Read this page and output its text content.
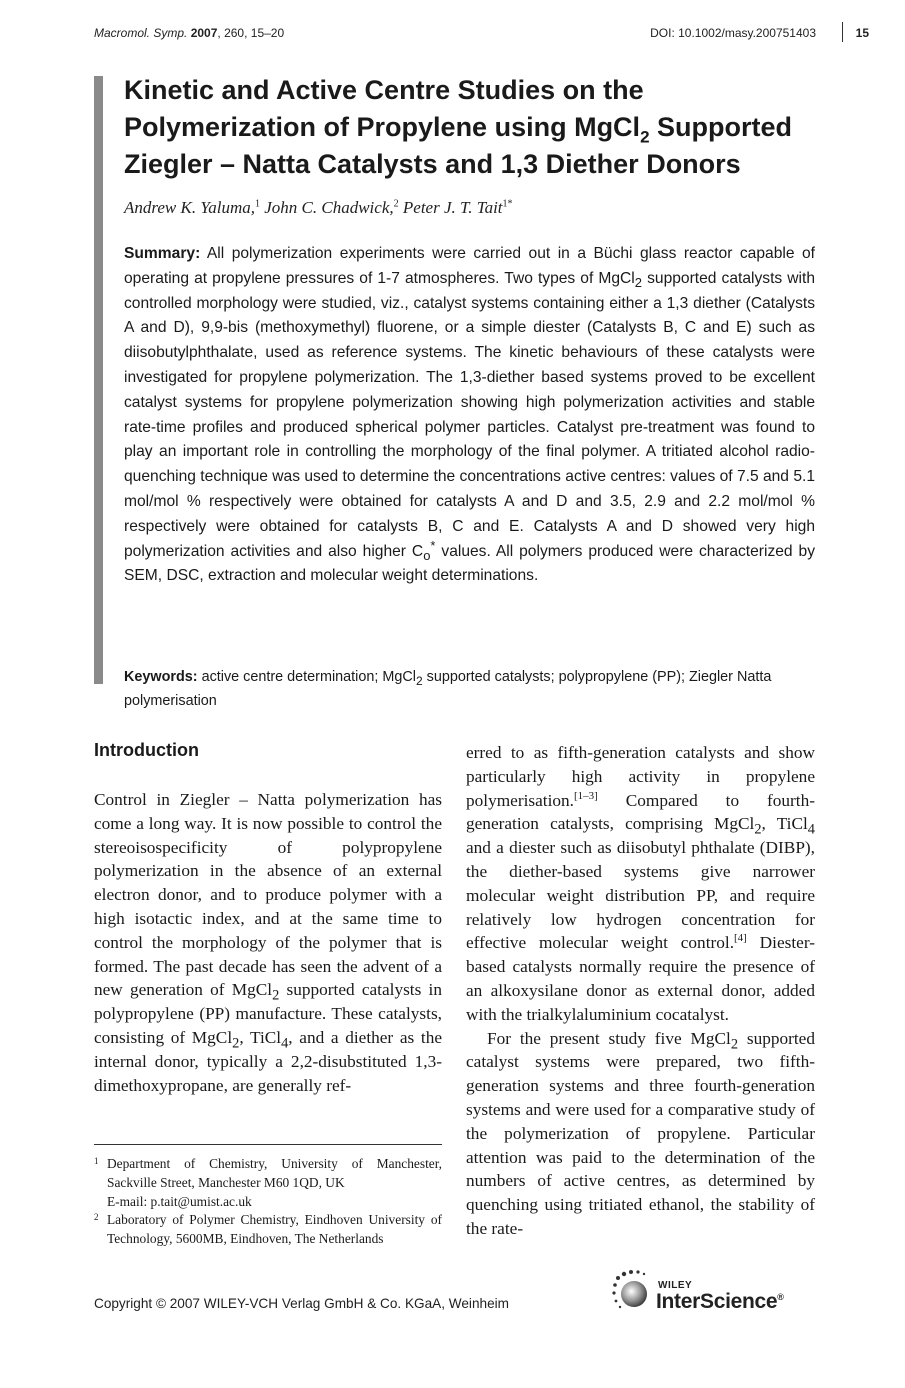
Macromol. Symp. 2007, 260, 15–20	DOI: 10.1002/masy.200751403	15
Kinetic and Active Centre Studies on the
Polymerization of Propylene using MgCl$_2$ Supported
Ziegler – Natta Catalysts and 1,3 Diether Donors
Andrew K. Yaluma,$^1$ John C. Chadwick,$^2$ Peter J. T. Tait$^{1*}$

Summary: All polymerization experiments were carried out in a Büchi glass reactor capable of operating at propylene pressures of 1-7 atmospheres. Two types of MgCl$_2$ supported catalysts with controlled morphology were studied, viz., catalyst systems containing either a 1,3 diether (Catalysts A and D), 9,9-bis (methoxymethyl) fluorene, or a simple diester (Catalysts B, C and E) such as diisobutylphthalate, used as reference systems. The kinetic behaviours of these catalysts were investigated for propylene polymerization. The 1,3-diether based systems proved to be excellent catalyst systems for propylene polymerization showing high polymerization activities and stable rate-time profiles and produced spherical polymer particles. Catalyst pre-treatment was found to play an important role in controlling the morphology of the final polymer. A tritiated alcohol radio-quenching technique was used to determine the concentrations active centres: values of 7.5 and 5.1 mol/mol % respectively were obtained for catalysts A and D and 3.5, 2.9 and 2.2 mol/mol % respectively were obtained for catalysts B, C and E. Catalysts A and D showed very high polymerization activities and also higher $C_o^*$ values. All polymers produced were characterized by SEM, DSC, extraction and molecular weight determinations.

Keywords: active centre determination; MgCl$_2$ supported catalysts; polypropylene (PP); Ziegler Natta polymerisation

Introduction

Control in Ziegler – Natta polymerization has come a long way. It is now possible to control the stereoisospecificity of polypropylene polymerization in the absence of an external electron donor, and to produce polymer with a high isotactic index, and at the same time to control the morphology of the polymer that is formed. The past decade has seen the advent of a new generation of MgCl$_2$ supported catalysts in polypropylene (PP) manufacture. These catalysts, consisting of MgCl$_2$, TiCl$_4$, and a diether as the internal donor, typically a 2,2-disubstituted 1,3-dimethoxypropane, are generally ref-

erred to as fifth-generation catalysts and show particularly high activity in propylene polymerisation.[1–3] Compared to fourth-generation catalysts, comprising MgCl$_2$, TiCl$_4$ and a diester such as diisobutyl phthalate (DIBP), the diether-based systems give narrower molecular weight distribution PP, and require relatively low hydrogen concentration for effective molecular weight control.[4] Diester-based catalysts normally require the presence of an alkoxysilane donor as external donor, added with the trialkylaluminium cocatalyst.

For the present study five MgCl$_2$ supported catalyst systems were prepared, two fifth-generation systems and three fourth-generation systems and were used for a comparative study of the polymerization of propylene. Particular attention was paid to the determination of the numbers of active centres, as determined by quenching using tritiated ethanol, the stability of the rate-

1 Department of Chemistry, University of Manchester, Sackville Street, Manchester M60 1QD, UK
E-mail: p.tait@umist.ac.uk
2 Laboratory of Polymer Chemistry, Eindhoven University of Technology, 5600MB, Eindhoven, The Netherlands
Copyright © 2007 WILEY-VCH Verlag GmbH & Co. KGaA, Weinheim
WILEY
InterScience®
